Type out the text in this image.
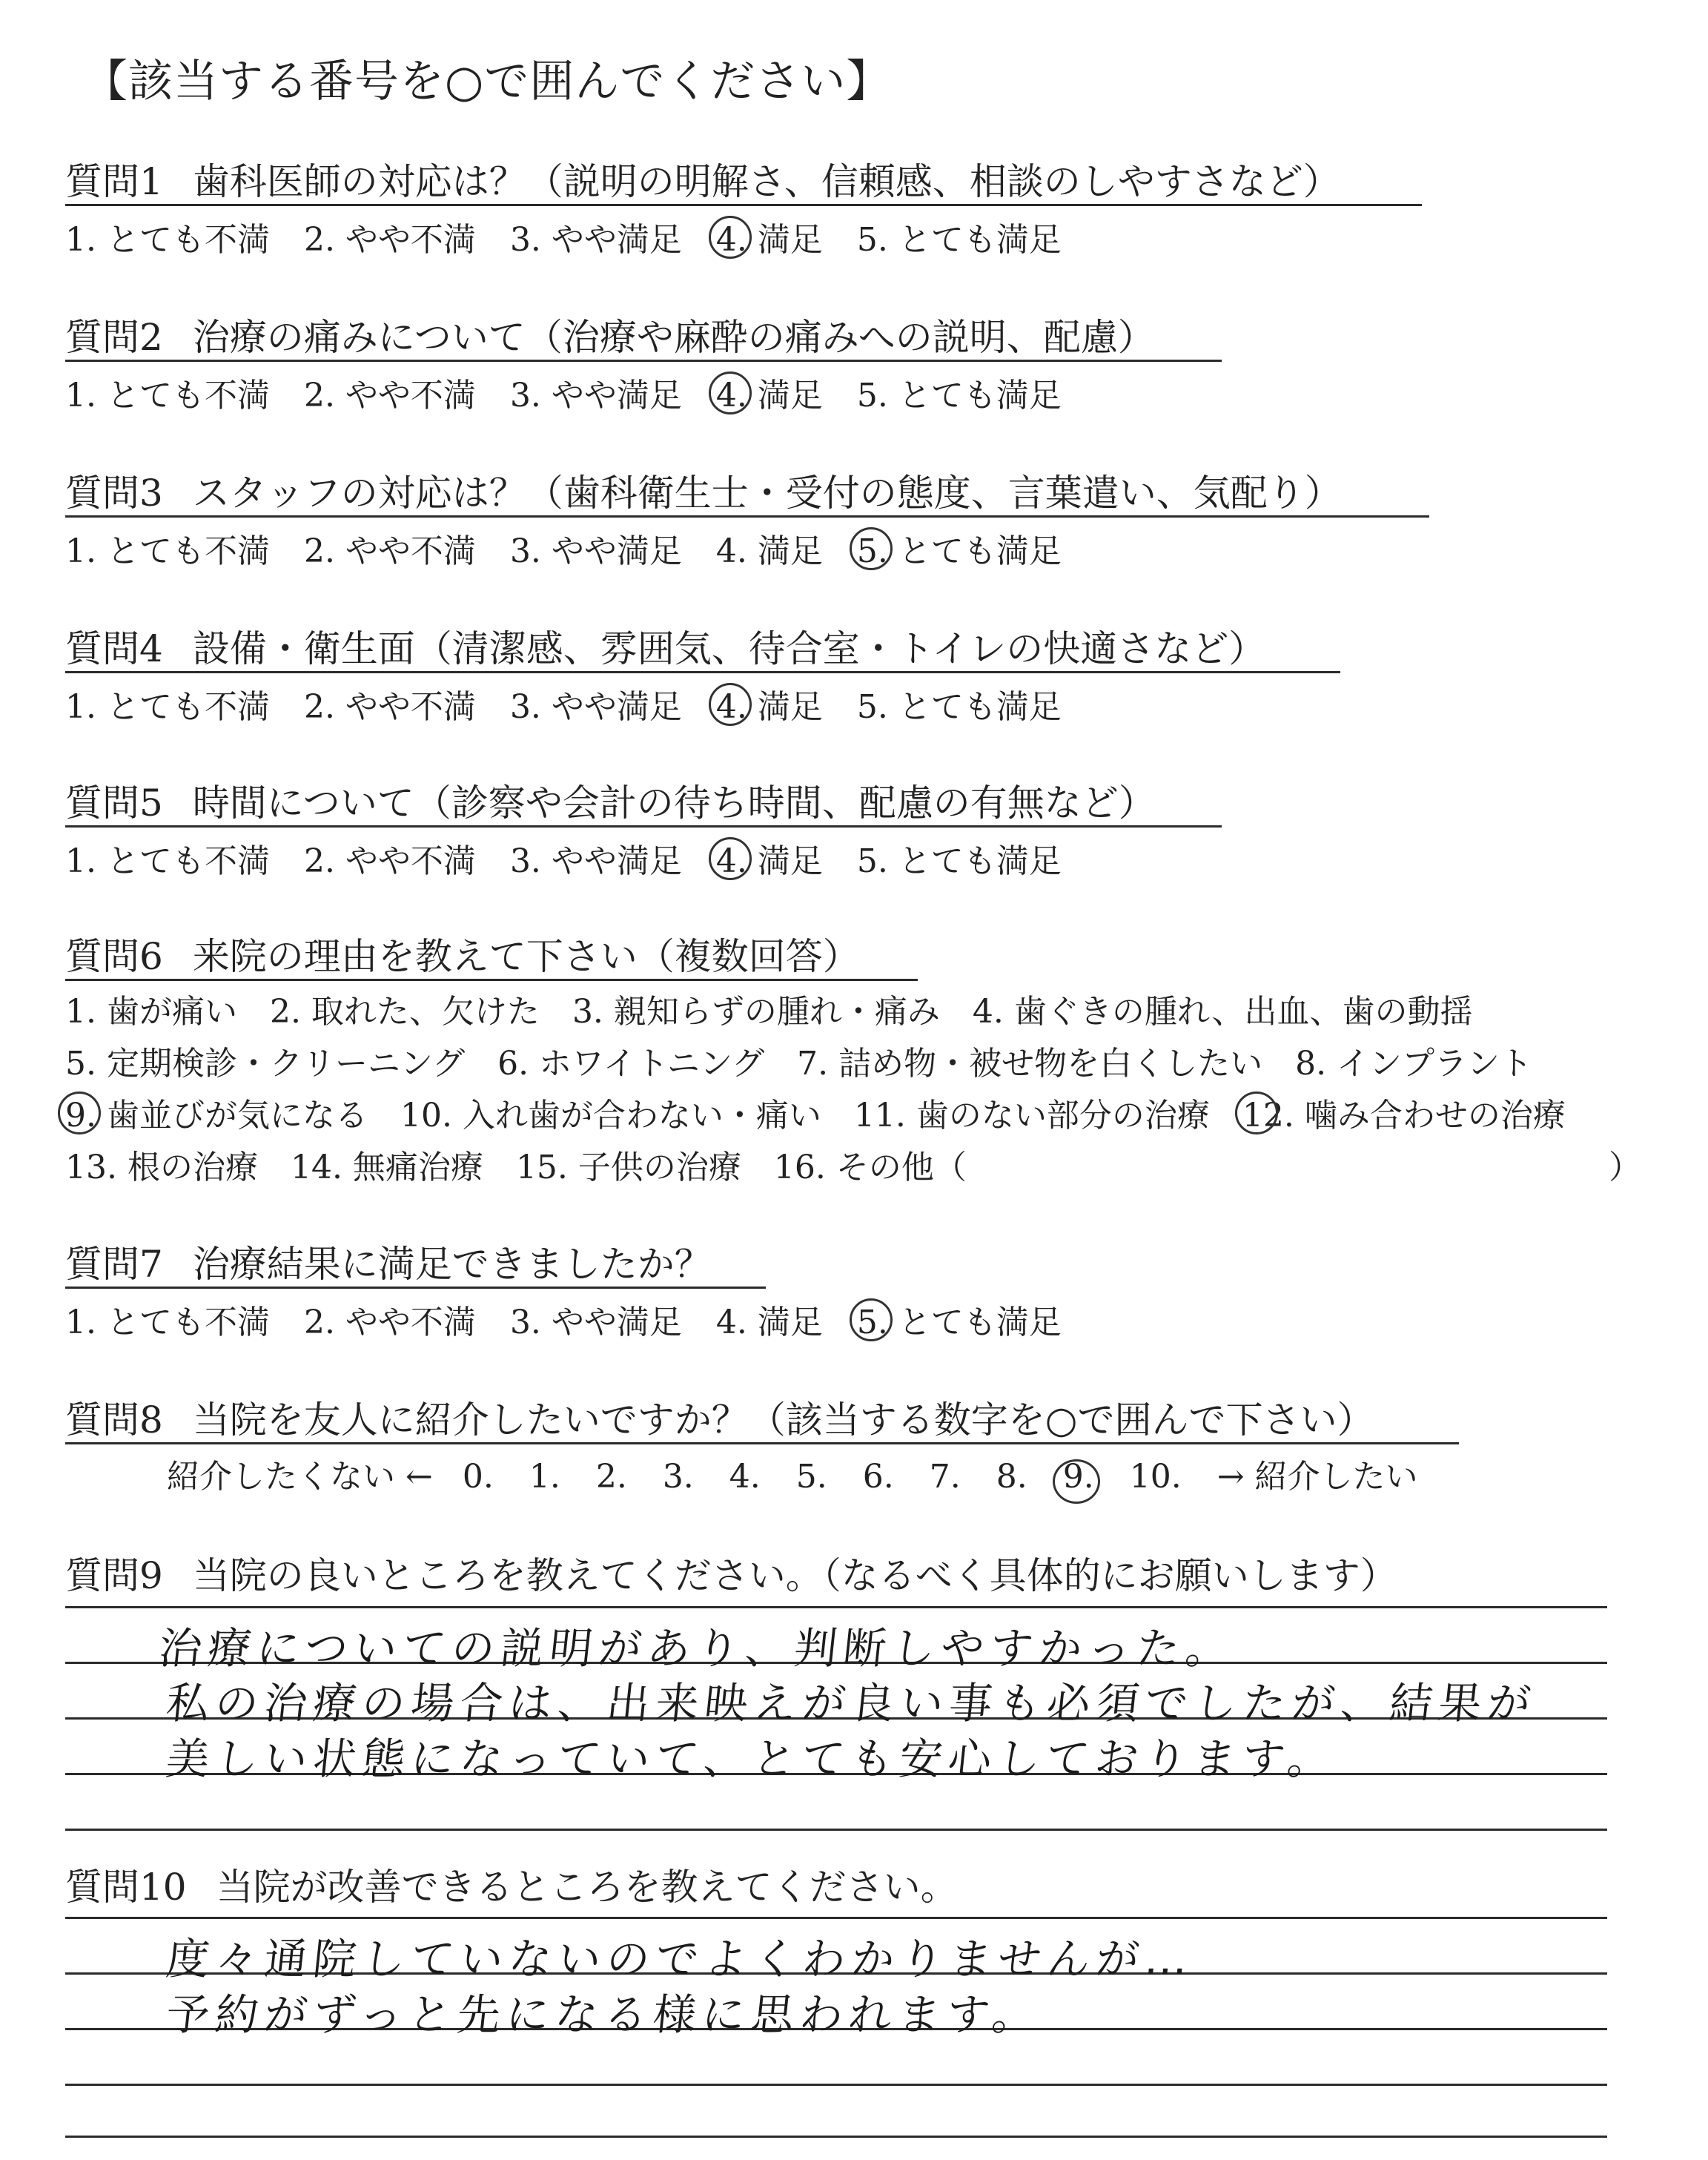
【該当する番号を○で囲んでください】
質問1 歯科医師の対応は？（説明の明解さ、信頼感、相談のしやすさなど）
1. とても不満 2. やや不満 3. やや満足 4. 満足 5. とても満足
質問2 治療の痛みについて（治療や麻酔の痛みへの説明、配慮）
1. とても不満 2. やや不満 3. やや満足 4. 満足 5. とても満足
質問3 スタッフの対応は？（歯科衛生士・受付の態度、言葉遣い、気配り）
1. とても不満 2. やや不満 3. やや満足 4. 満足 5. とても満足
質問4 設備・衛生面（清潔感、雰囲気、待合室・トイレの快適さなど）
1. とても不満 2. やや不満 3. やや満足 4. 満足 5. とても満足
質問5 時間について（診察や会計の待ち時間、配慮の有無など）
1. とても不満 2. やや不満 3. やや満足 4. 満足 5. とても満足
質問6 来院の理由を教えて下さい（複数回答）
1. 歯が痛い 2. 取れた、欠けた 3. 親知らずの腫れ・痛み 4. 歯ぐきの腫れ、出血、歯の動揺
5. 定期検診・クリーニング 6. ホワイトニング 7. 詰め物・被せ物を白くしたい 8. インプラント
9. 歯並びが気になる 10. 入れ歯が合わない・痛い 11. 歯のない部分の治療 12. 噛み合わせの治療
13. 根の治療 14. 無痛治療 15. 子供の治療 16. その他（	）
質問7 治療結果に満足できましたか？
1. とても不満 2. やや不満 3. やや満足 4. 満足 5. とても満足
質問8 当院を友人に紹介したいですか？（該当する数字を○で囲んで下さい）
紹介したくない ← 0. 1. 2. 3. 4. 5. 6. 7. 8. 9. 10. → 紹介したい
質問9 当院の良いところを教えてください。（なるべく具体的にお願いします）
治療についての説明があり、判断しやすかった。
私の治療の場合は、出来映えが良い事も必須でしたが、結果が
美しい状態になっていて、とても安心しております。
質問10 当院が改善できるところを教えてください。
度々通院していないのでよくわかりませんが…
予約がずっと先になる様に思われます。
